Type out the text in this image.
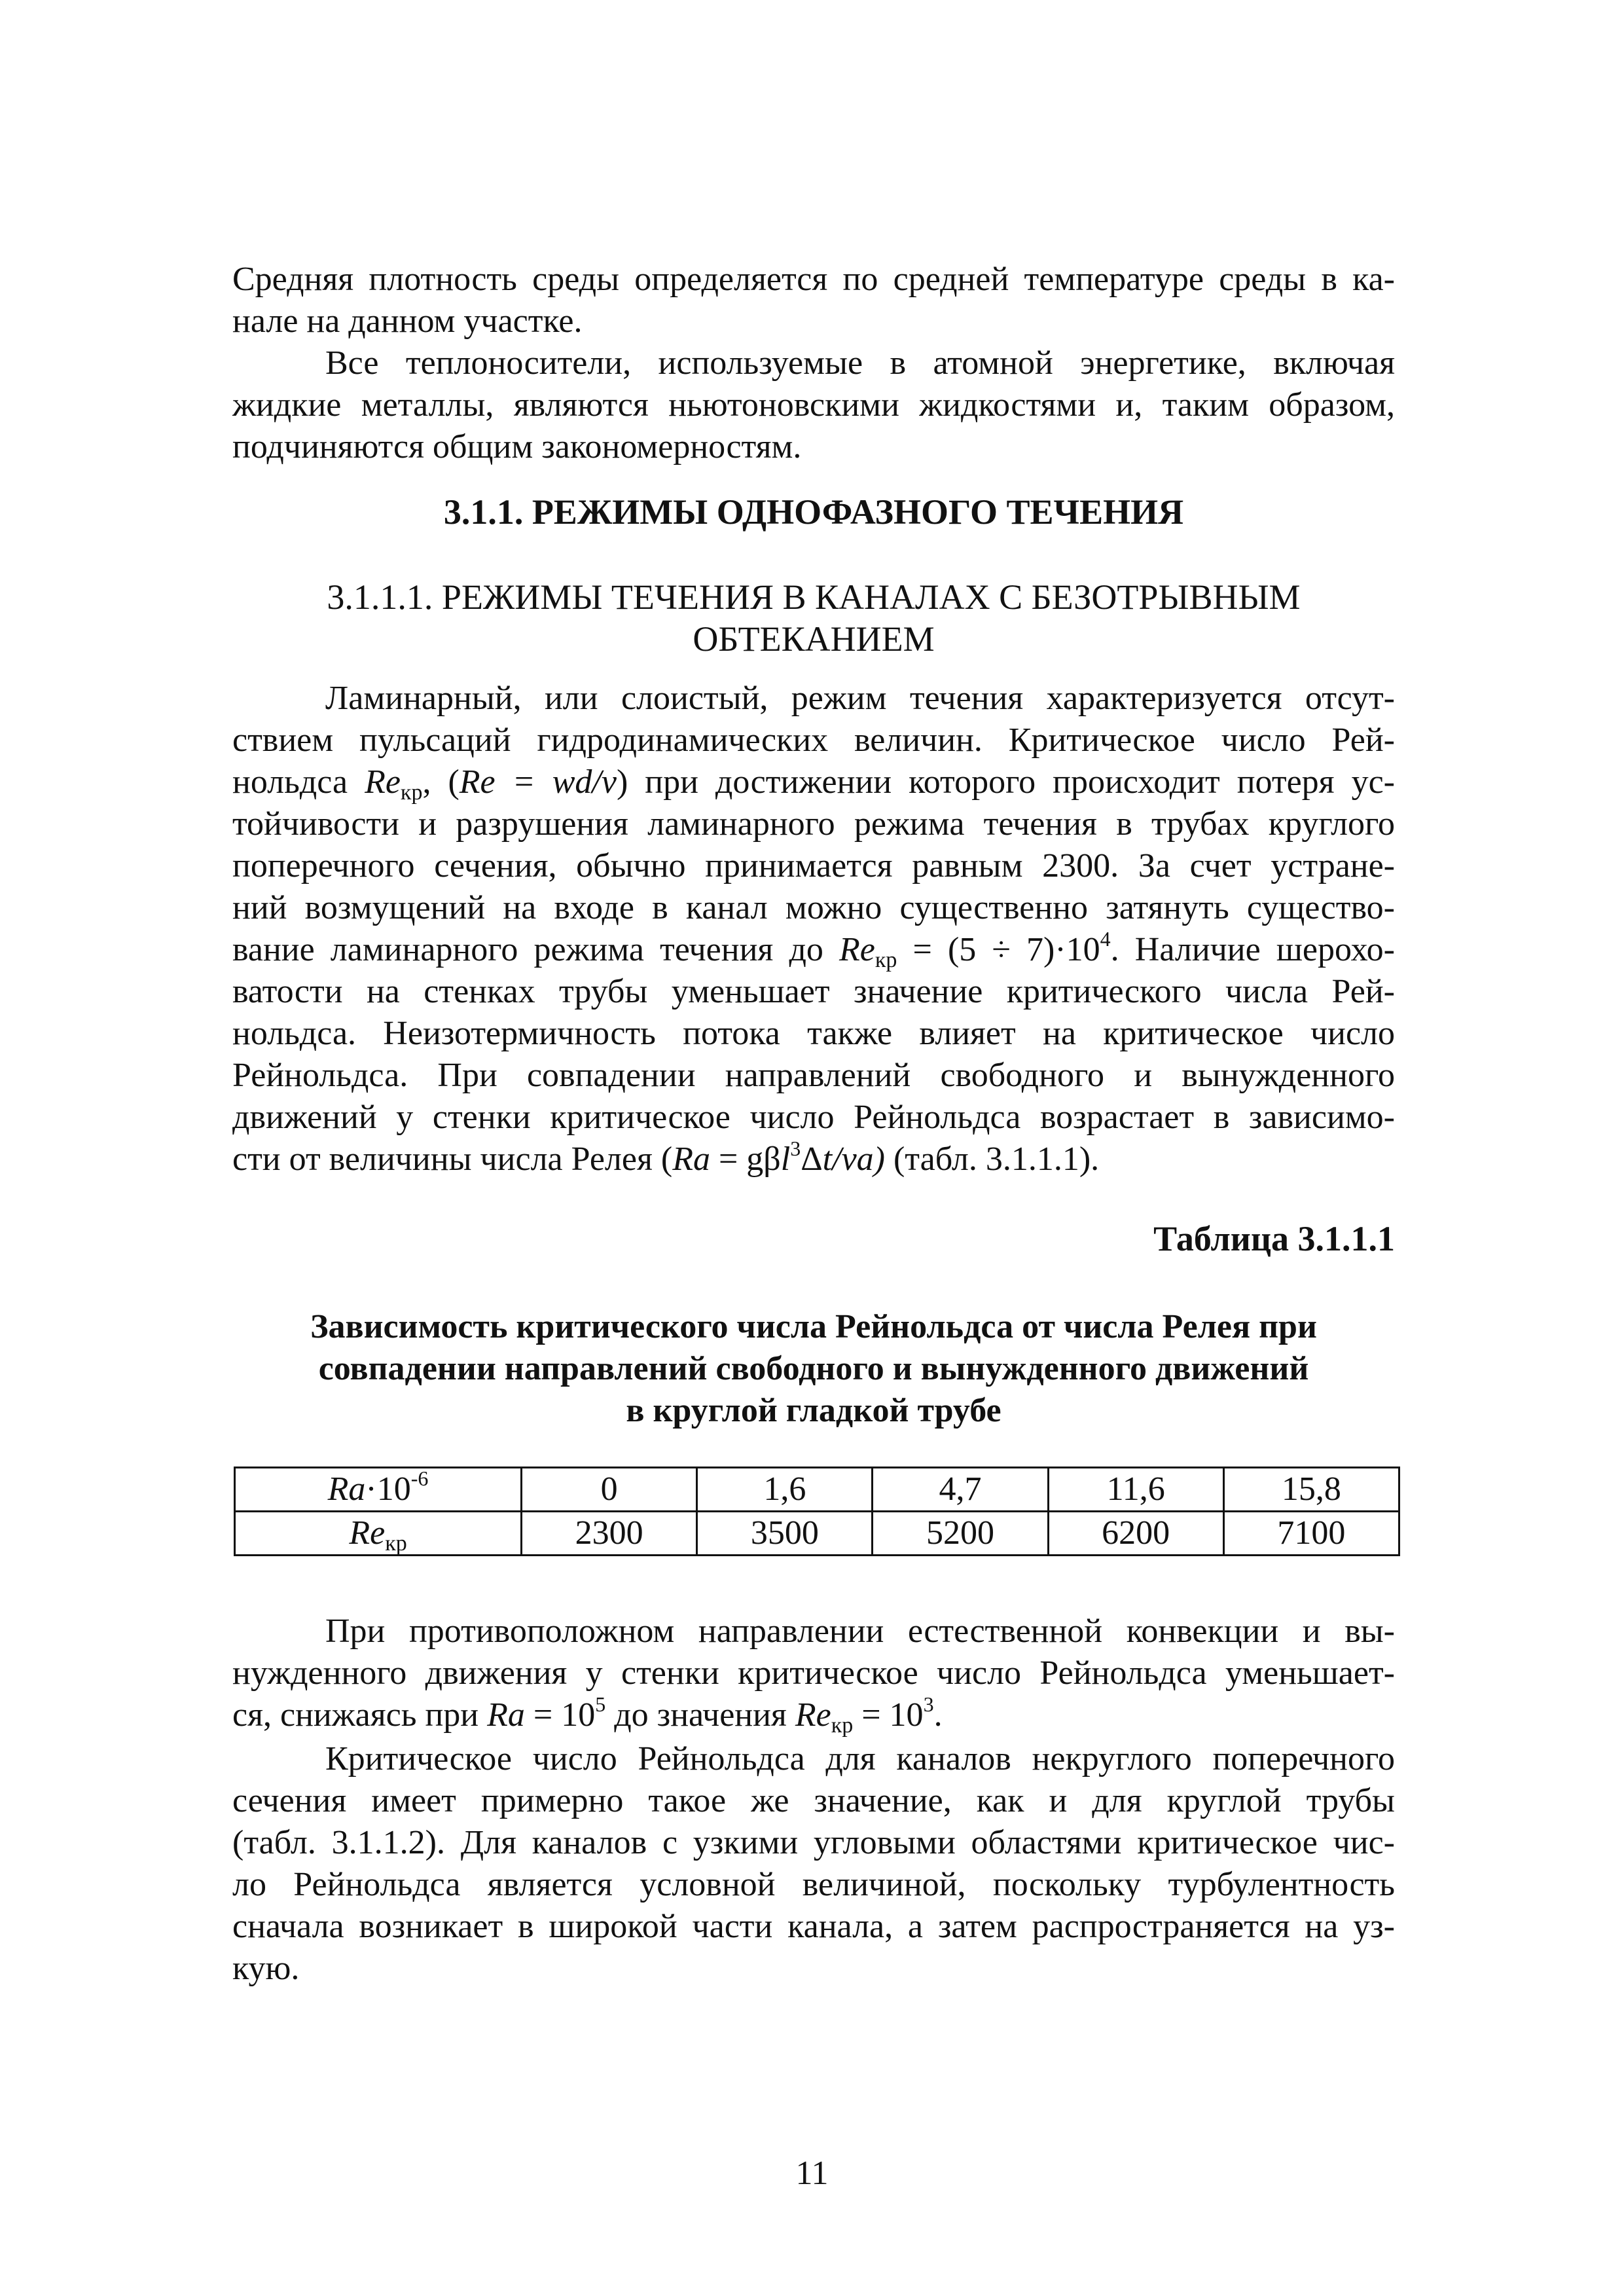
Средняя плотность среды определяется по средней температуре среды в ка-
нале на данном участке.
Все теплоносители, используемые в атомной энергетике, включая
жидкие металлы, являются ньютоновскими жидкостями и, таким образом,
подчиняются общим закономерностям.
3.1.1. РЕЖИМЫ ОДНОФАЗНОГО ТЕЧЕНИЯ
3.1.1.1. РЕЖИМЫ ТЕЧЕНИЯ В КАНАЛАХ С БЕЗОТРЫВНЫМ
ОБТЕКАНИЕМ
Ламинарный, или слоистый, режим течения характеризуется отсут-
ствием пульсаций гидродинамических величин. Критическое число Рей-
нольдса $Re_{кр}$, (Re = wd/ν) при достижении которого происходит потеря ус-
тойчивости и разрушения ламинарного режима течения в трубах круглого
поперечного сечения, обычно принимается равным 2300. За счет устране-
ний возмущений на входе в канал можно существенно затянуть существо-
вание ламинарного режима течения до $Re_{кр} = (5 \div 7)\cdot 10^4$. Наличие шерохо-
ватости на стенках трубы уменьшает значение критического числа Рей-
нольдса. Неизотермичность потока также влияет на критическое число
Рейнольдса. При совпадении направлений свободного и вынужденного
движений у стенки критическое число Рейнольдса возрастает в зависимо-
сти от величины числа Релея (Ra = gβl$^3$Δt/νa) (табл. 3.1.1.1).
Таблица 3.1.1.1
Зависимость критического числа Рейнольдса от числа Релея при
совпадении направлений свободного и вынужденного движений
в круглой гладкой трубе
$Ra\cdot 10^{-6}$	0	1,6	4,7	11,6	15,8
$Re_{кр}$	2300	3500	5200	6200	7100
При противоположном направлении естественной конвекции и вы-
нужденного движения у стенки критическое число Рейнольдса уменьшает-
ся, снижаясь при $Ra = 10^5$ до значения $Re_{кр} = 10^3$.
Критическое число Рейнольдса для каналов некруглого поперечного
сечения имеет примерно такое же значение, как и для круглой трубы
(табл. 3.1.1.2). Для каналов с узкими угловыми областями критическое чис-
ло Рейнольдса является условной величиной, поскольку турбулентность
сначала возникает в широкой части канала, а затем распространяется на уз-
кую.
11
